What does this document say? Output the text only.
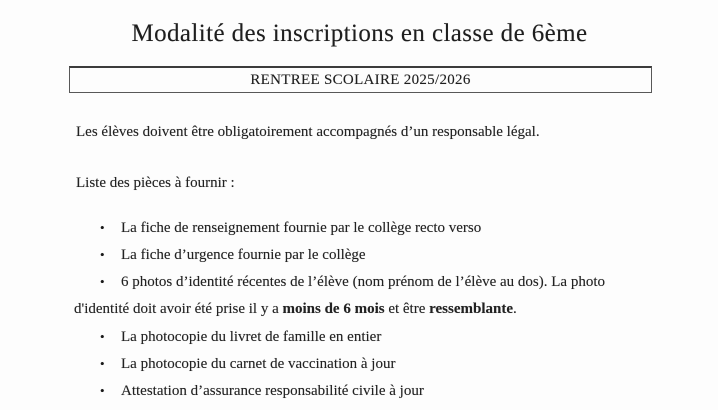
Modalité des inscriptions en classe de 6ème
RENTREE SCOLAIRE 2025/2026

Les élèves doivent être obligatoirement accompagnés d’un responsable légal.

Liste des pièces à fournir :

• La fiche de renseignement fournie par le collège recto verso
• La fiche d’urgence fournie par le collège
• 6 photos d’identité récentes de l’élève (nom prénom de l’élève au dos). La photo

d'identité doit avoir été prise il y a moins de 6 mois et être ressemblante.

• La photocopie du livret de famille en entier
• La photocopie du carnet de vaccination à jour
• Attestation d’assurance responsabilité civile à jour
